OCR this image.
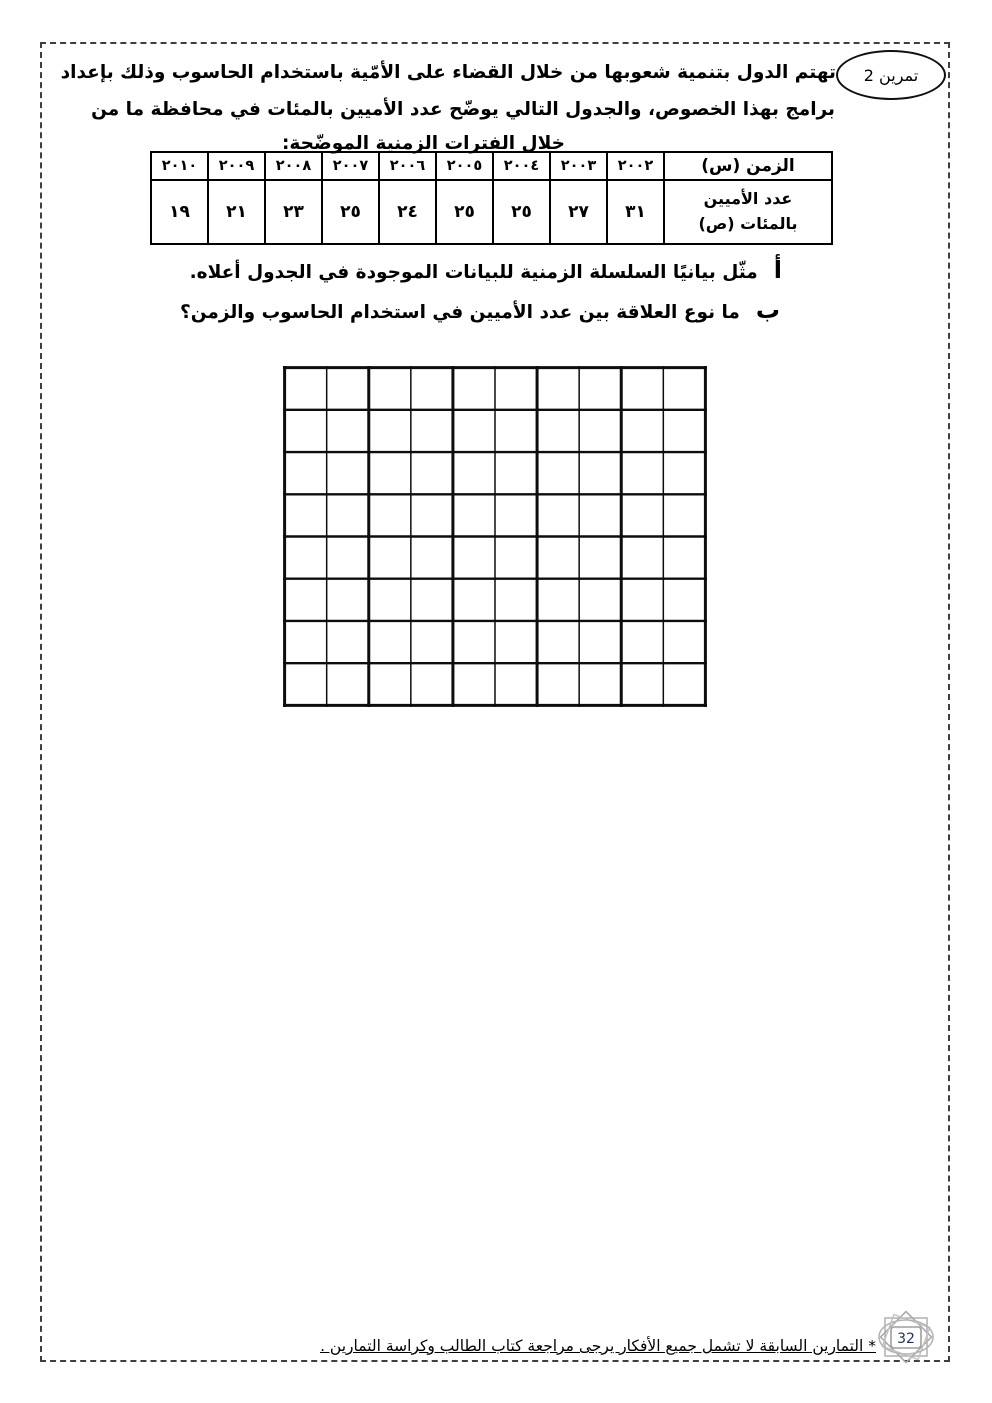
تمرين 2
تهتم الدول بتنمية شعوبها من خلال القضاء على الأمّية باستخدام الحاسوب وذلك بإعداد
برامج بهذا الخصوص، والجدول التالي يوضّح عدد الأميين بالمئات في محافظة ما من
خلال الفترات الزمنية الموضّحة:
الزمن (س)	٢٠٠٢	٢٠٠٣	٢٠٠٤	٢٠٠٥	٢٠٠٦	٢٠٠٧	٢٠٠٨	٢٠٠٩	٢٠١٠

عدد الأميين
بالمئات (ص)	٣١	٢٧	٢٥	٢٥	٢٤	٢٥	٢٣	٢١	١٩
أ
مثّل بيانيًا السلسلة الزمنية للبيانات الموجودة في الجدول أعلاه.
ب
ما نوع العلاقة بين عدد الأميين في استخدام الحاسوب والزمن؟
* التمارين السابقة لا تشمل جميع الأفكار يرجى مراجعة كتاب الطالب وكراسة التمارين . 32
